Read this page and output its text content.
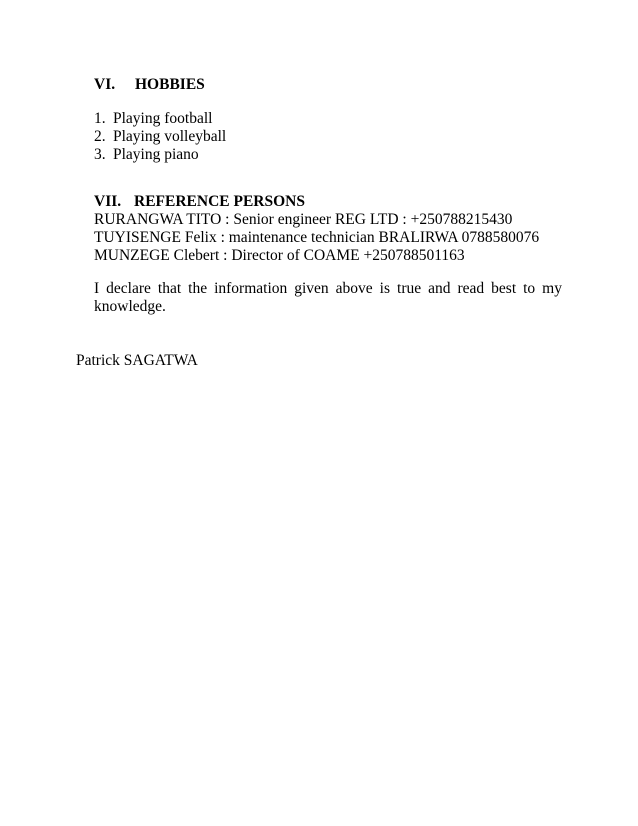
VI. HOBBIES
1. Playing football
2. Playing volleyball
3. Playing piano
VII. REFERENCE PERSONS
RURANGWA TITO : Senior engineer REG LTD : +250788215430
TUYISENGE Felix : maintenance technician BRALIRWA 0788580076
MUNZEGE Clebert : Director of COAME +250788501163
I declare that the information given above is true and read best to my knowledge.
Patrick SAGATWA
